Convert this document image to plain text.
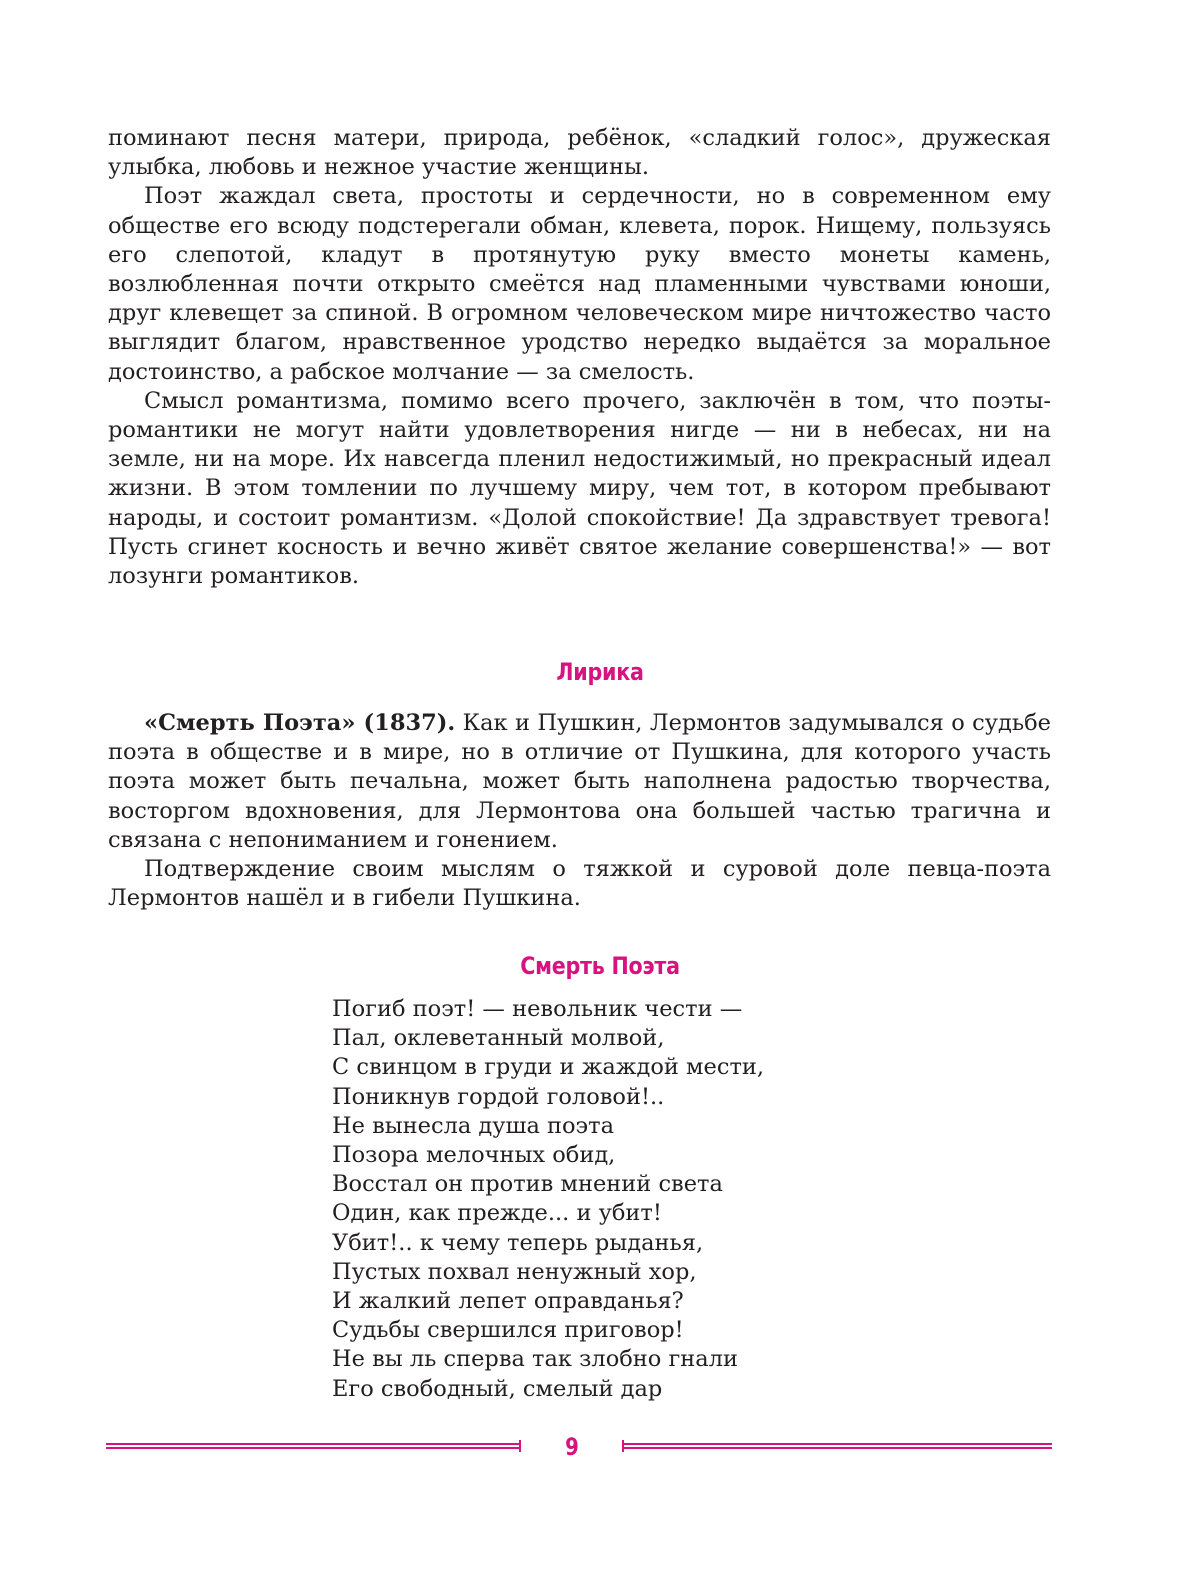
поминают песня матери, природа, ребёнок, «сладкий голос», дружеская улыбка, любовь и нежное участие женщины.

Поэт жаждал света, простоты и сердечности, но в современном ему обществе его всюду подстерегали обман, клевета, порок. Нищему, пользуясь его слепотой, кладут в протянутую руку вместо монеты камень, возлюбленная почти открыто смеётся над пламенными чувствами юноши, друг клевещет за спиной. В огромном человеческом мире ничтожество часто выглядит благом, нравственное уродство нередко выдаётся за моральное достоинство, а рабское молчание — за смелость.

Смысл романтизма, помимо всего прочего, заключён в том, что поэты-романтики не могут найти удовлетворения нигде — ни в небесах, ни на земле, ни на море. Их навсегда пленил недостижимый, но прекрасный идеал жизни. В этом томлении по лучшему миру, чем тот, в котором пребывают народы, и состоит романтизм. «Долой спокойствие! Да здравствует тревога! Пусть сгинет косность и вечно живёт святое желание совершенства!» — вот лозунги романтиков.

Лирика

«Смерть Поэта» (1837). Как и Пушкин, Лермонтов задумывался о судьбе поэта в обществе и в мире, но в отличие от Пушкина, для которого участь поэта может быть печальна, может быть наполнена радостью творчества, восторгом вдохновения, для Лермонтова она большей частью трагична и связана с непониманием и гонением.

Подтверждение своим мыслям о тяжкой и суровой доле певца-поэта Лермонтов нашёл и в гибели Пушкина.

Смерть Поэта
Погиб поэт! — невольник чести —
Пал, оклеветанный молвой,
С свинцом в груди и жаждой мести,
Поникнув гордой головой!..
Не вынесла душа поэта
Позора мелочных обид,
Восстал он против мнений света
Один, как прежде... и убит!
Убит!.. к чему теперь рыданья,
Пустых похвал ненужный хор,
И жалкий лепет оправданья?
Судьбы свершился приговор!
Не вы ль сперва так злобно гнали
Его свободный, смелый дар
9
